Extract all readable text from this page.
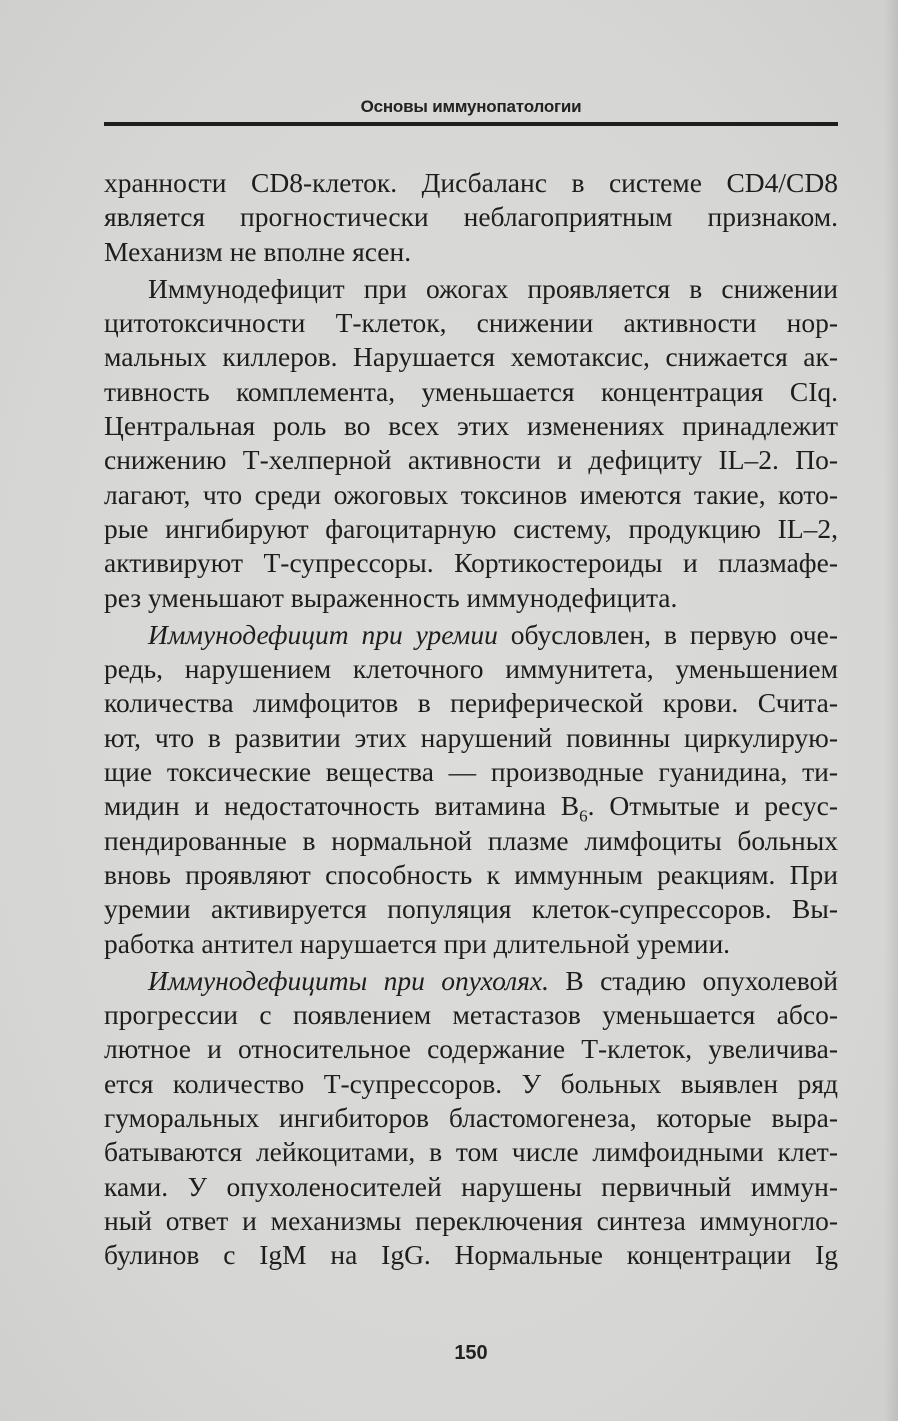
Основы иммунопатологии
хранности CD8-клеток. Дисбаланс в системе CD4/CD8
является прогностически неблагоприятным признаком.
Механизм не вполне ясен.
Иммунодефицит при ожогах проявляется в снижении
цитотоксичности Т-клеток, снижении активности нор-
мальных киллеров. Нарушается хемотаксис, снижается ак-
тивность комплемента, уменьшается концентрация CIq.
Центральная роль во всех этих изменениях принадлежит
снижению Т-хелперной активности и дефициту IL–2. По-
лагают, что среди ожоговых токсинов имеются такие, кото-
рые ингибируют фагоцитарную систему, продукцию IL–2,
активируют Т-супрессоры. Кортикостероиды и плазмафе-
рез уменьшают выраженность иммунодефицита.
Иммунодефицит при уремии обусловлен, в первую оче-
редь, нарушением клеточного иммунитета, уменьшением
количества лимфоцитов в периферической крови. Счита-
ют, что в развитии этих нарушений повинны циркулирую-
щие токсические вещества — производные гуанидина, ти-
мидин и недостаточность витамина $B_6$. Отмытые и ресус-
пендированные в нормальной плазме лимфоциты больных
вновь проявляют способность к иммунным реакциям. При
уремии активируется популяция клеток-супрессоров. Вы-
работка антител нарушается при длительной уремии.
Иммунодефициты при опухолях. В стадию опухолевой
прогрессии с появлением метастазов уменьшается абсо-
лютное и относительное содержание Т-клеток, увеличива-
ется количество Т-супрессоров. У больных выявлен ряд
гуморальных ингибиторов бластомогенеза, которые выра-
батываются лейкоцитами, в том числе лимфоидными клет-
ками. У опухоленосителей нарушены первичный иммун-
ный ответ и механизмы переключения синтеза иммуногло-
булинов с IgM на IgG. Нормальные концентрации Ig
150
